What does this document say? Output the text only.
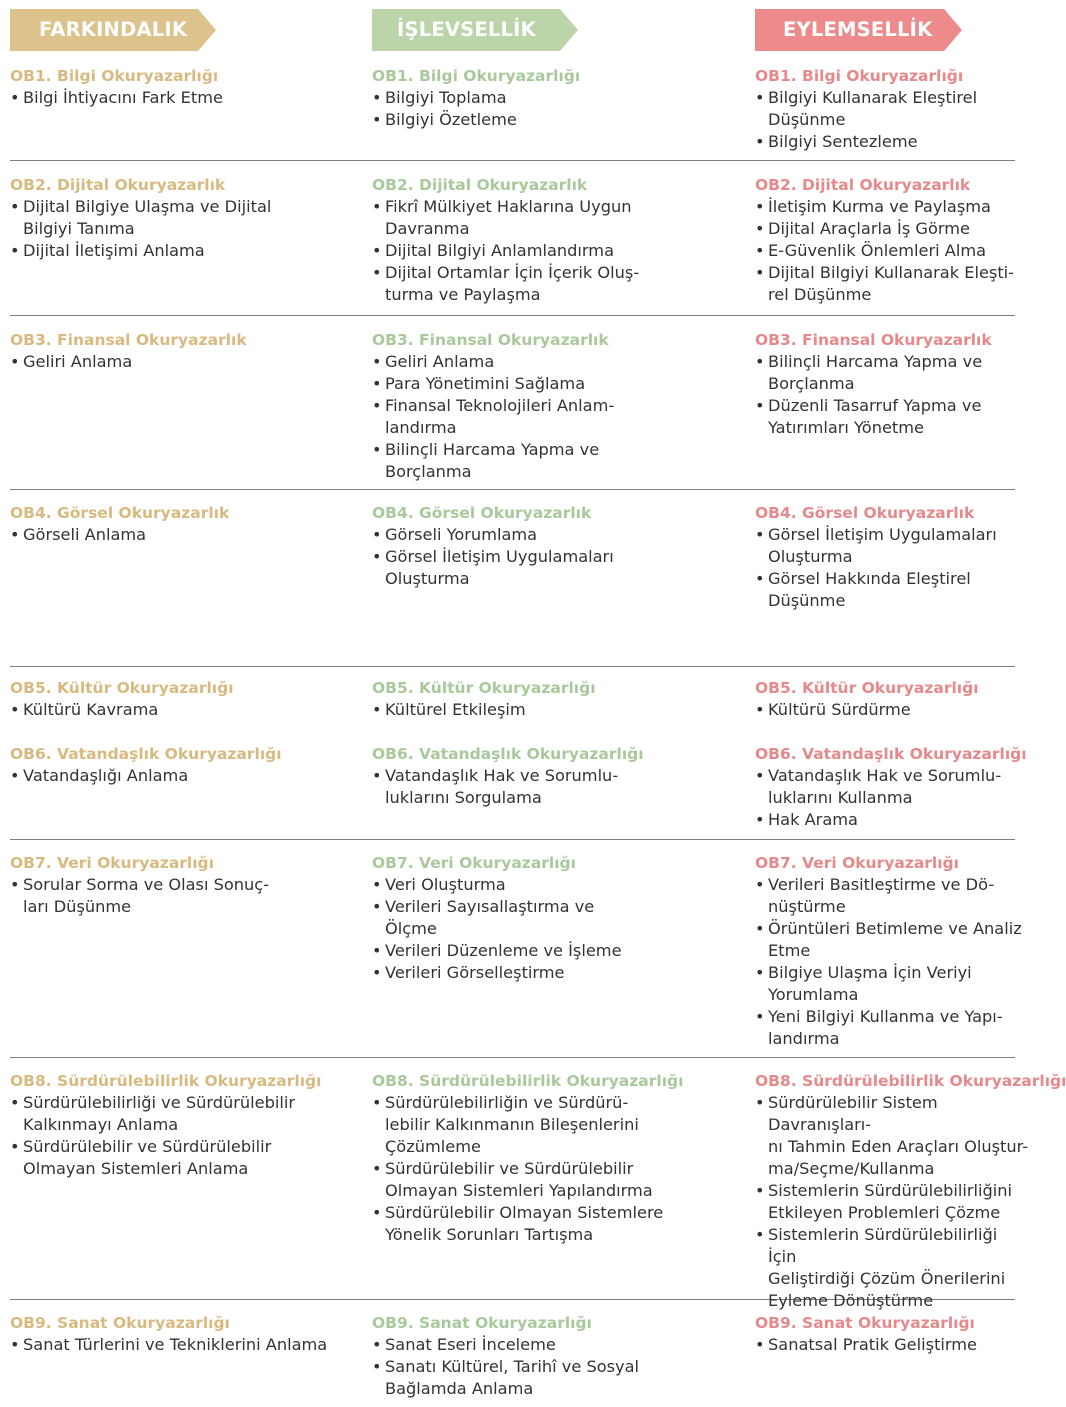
FARKINDALIK	İŞLEVSELLİK	EYLEMSELLİK
OB1. Bilgi Okuryazarlığı
• Bilgi İhtiyacını Fark Etme
OB1. Bilgi Okuryazarlığı
• Bilgiyi Toplama
• Bilgiyi Özetleme
OB1. Bilgi Okuryazarlığı
• Bilgiyi Kullanarak Eleştirel
Düşünme
• Bilgiyi Sentezleme
OB2. Dijital Okuryazarlık
• Dijital Bilgiye Ulaşma ve Dijital
Bilgiyi Tanıma
• Dijital İletişimi Anlama
OB2. Dijital Okuryazarlık
• Fikrî Mülkiyet Haklarına Uygun
Davranma
• Dijital Bilgiyi Anlamlandırma
• Dijital Ortamlar İçin İçerik Oluş-
turma ve Paylaşma
OB2. Dijital Okuryazarlık
• İletişim Kurma ve Paylaşma
• Dijital Araçlarla İş Görme
• E-Güvenlik Önlemleri Alma
• Dijital Bilgiyi Kullanarak Eleşti-
rel Düşünme
OB3. Finansal Okuryazarlık
• Geliri Anlama
OB3. Finansal Okuryazarlık
• Geliri Anlama
• Para Yönetimini Sağlama
• Finansal Teknolojileri Anlam-
landırma
• Bilinçli Harcama Yapma ve
Borçlanma
OB3. Finansal Okuryazarlık
• Bilinçli Harcama Yapma ve
Borçlanma
• Düzenli Tasarruf Yapma ve
Yatırımları Yönetme
OB4. Görsel Okuryazarlık
• Görseli Anlama
OB4. Görsel Okuryazarlık
• Görseli Yorumlama
• Görsel İletişim Uygulamaları
Oluşturma
OB4. Görsel Okuryazarlık
• Görsel İletişim Uygulamaları
Oluşturma
• Görsel Hakkında Eleştirel
Düşünme
OB5. Kültür Okuryazarlığı
• Kültürü Kavrama
OB5. Kültür Okuryazarlığı
• Kültürel Etkileşim
OB5. Kültür Okuryazarlığı
• Kültürü Sürdürme
OB6. Vatandaşlık Okuryazarlığı
• Vatandaşlığı Anlama
OB6. Vatandaşlık Okuryazarlığı
• Vatandaşlık Hak ve Sorumlu-
luklarını Sorgulama
OB6. Vatandaşlık Okuryazarlığı
• Vatandaşlık Hak ve Sorumlu-
luklarını Kullanma
• Hak Arama
OB7. Veri Okuryazarlığı
• Sorular Sorma ve Olası Sonuç-
ları Düşünme
OB7. Veri Okuryazarlığı
• Veri Oluşturma
• Verileri Sayısallaştırma ve
Ölçme
• Verileri Düzenleme ve İşleme
• Verileri Görselleştirme
OB7. Veri Okuryazarlığı
• Verileri Basitleştirme ve Dö-
nüştürme
• Örüntüleri Betimleme ve Analiz
Etme
• Bilgiye Ulaşma İçin Veriyi
Yorumlama
• Yeni Bilgiyi Kullanma ve Yapı-
landırma
OB8. Sürdürülebilirlik Okuryazarlığı
• Sürdürülebilirliği ve Sürdürülebilir
Kalkınmayı Anlama
• Sürdürülebilir ve Sürdürülebilir
Olmayan Sistemleri Anlama
OB8. Sürdürülebilirlik Okuryazarlığı
• Sürdürülebilirliğin ve Sürdürü-
lebilir Kalkınmanın Bileşenlerini
Çözümleme
• Sürdürülebilir ve Sürdürülebilir
Olmayan Sistemleri Yapılandırma
• Sürdürülebilir Olmayan Sistemlere
Yönelik Sorunları Tartışma
OB8. Sürdürülebilirlik Okuryazarlığı
• Sürdürülebilir Sistem Davranışları-
nı Tahmin Eden Araçları Oluştur-
ma/Seçme/Kullanma
• Sistemlerin Sürdürülebilirliğini
Etkileyen Problemleri Çözme
• Sistemlerin Sürdürülebilirliği İçin
Geliştirdiği Çözüm Önerilerini
Eyleme Dönüştürme
OB9. Sanat Okuryazarlığı
• Sanat Türlerini ve Tekniklerini Anlama
OB9. Sanat Okuryazarlığı
• Sanat Eseri İnceleme
• Sanatı Kültürel, Tarihî ve Sosyal
Bağlamda Anlama
OB9. Sanat Okuryazarlığı
• Sanatsal Pratik Geliştirme
